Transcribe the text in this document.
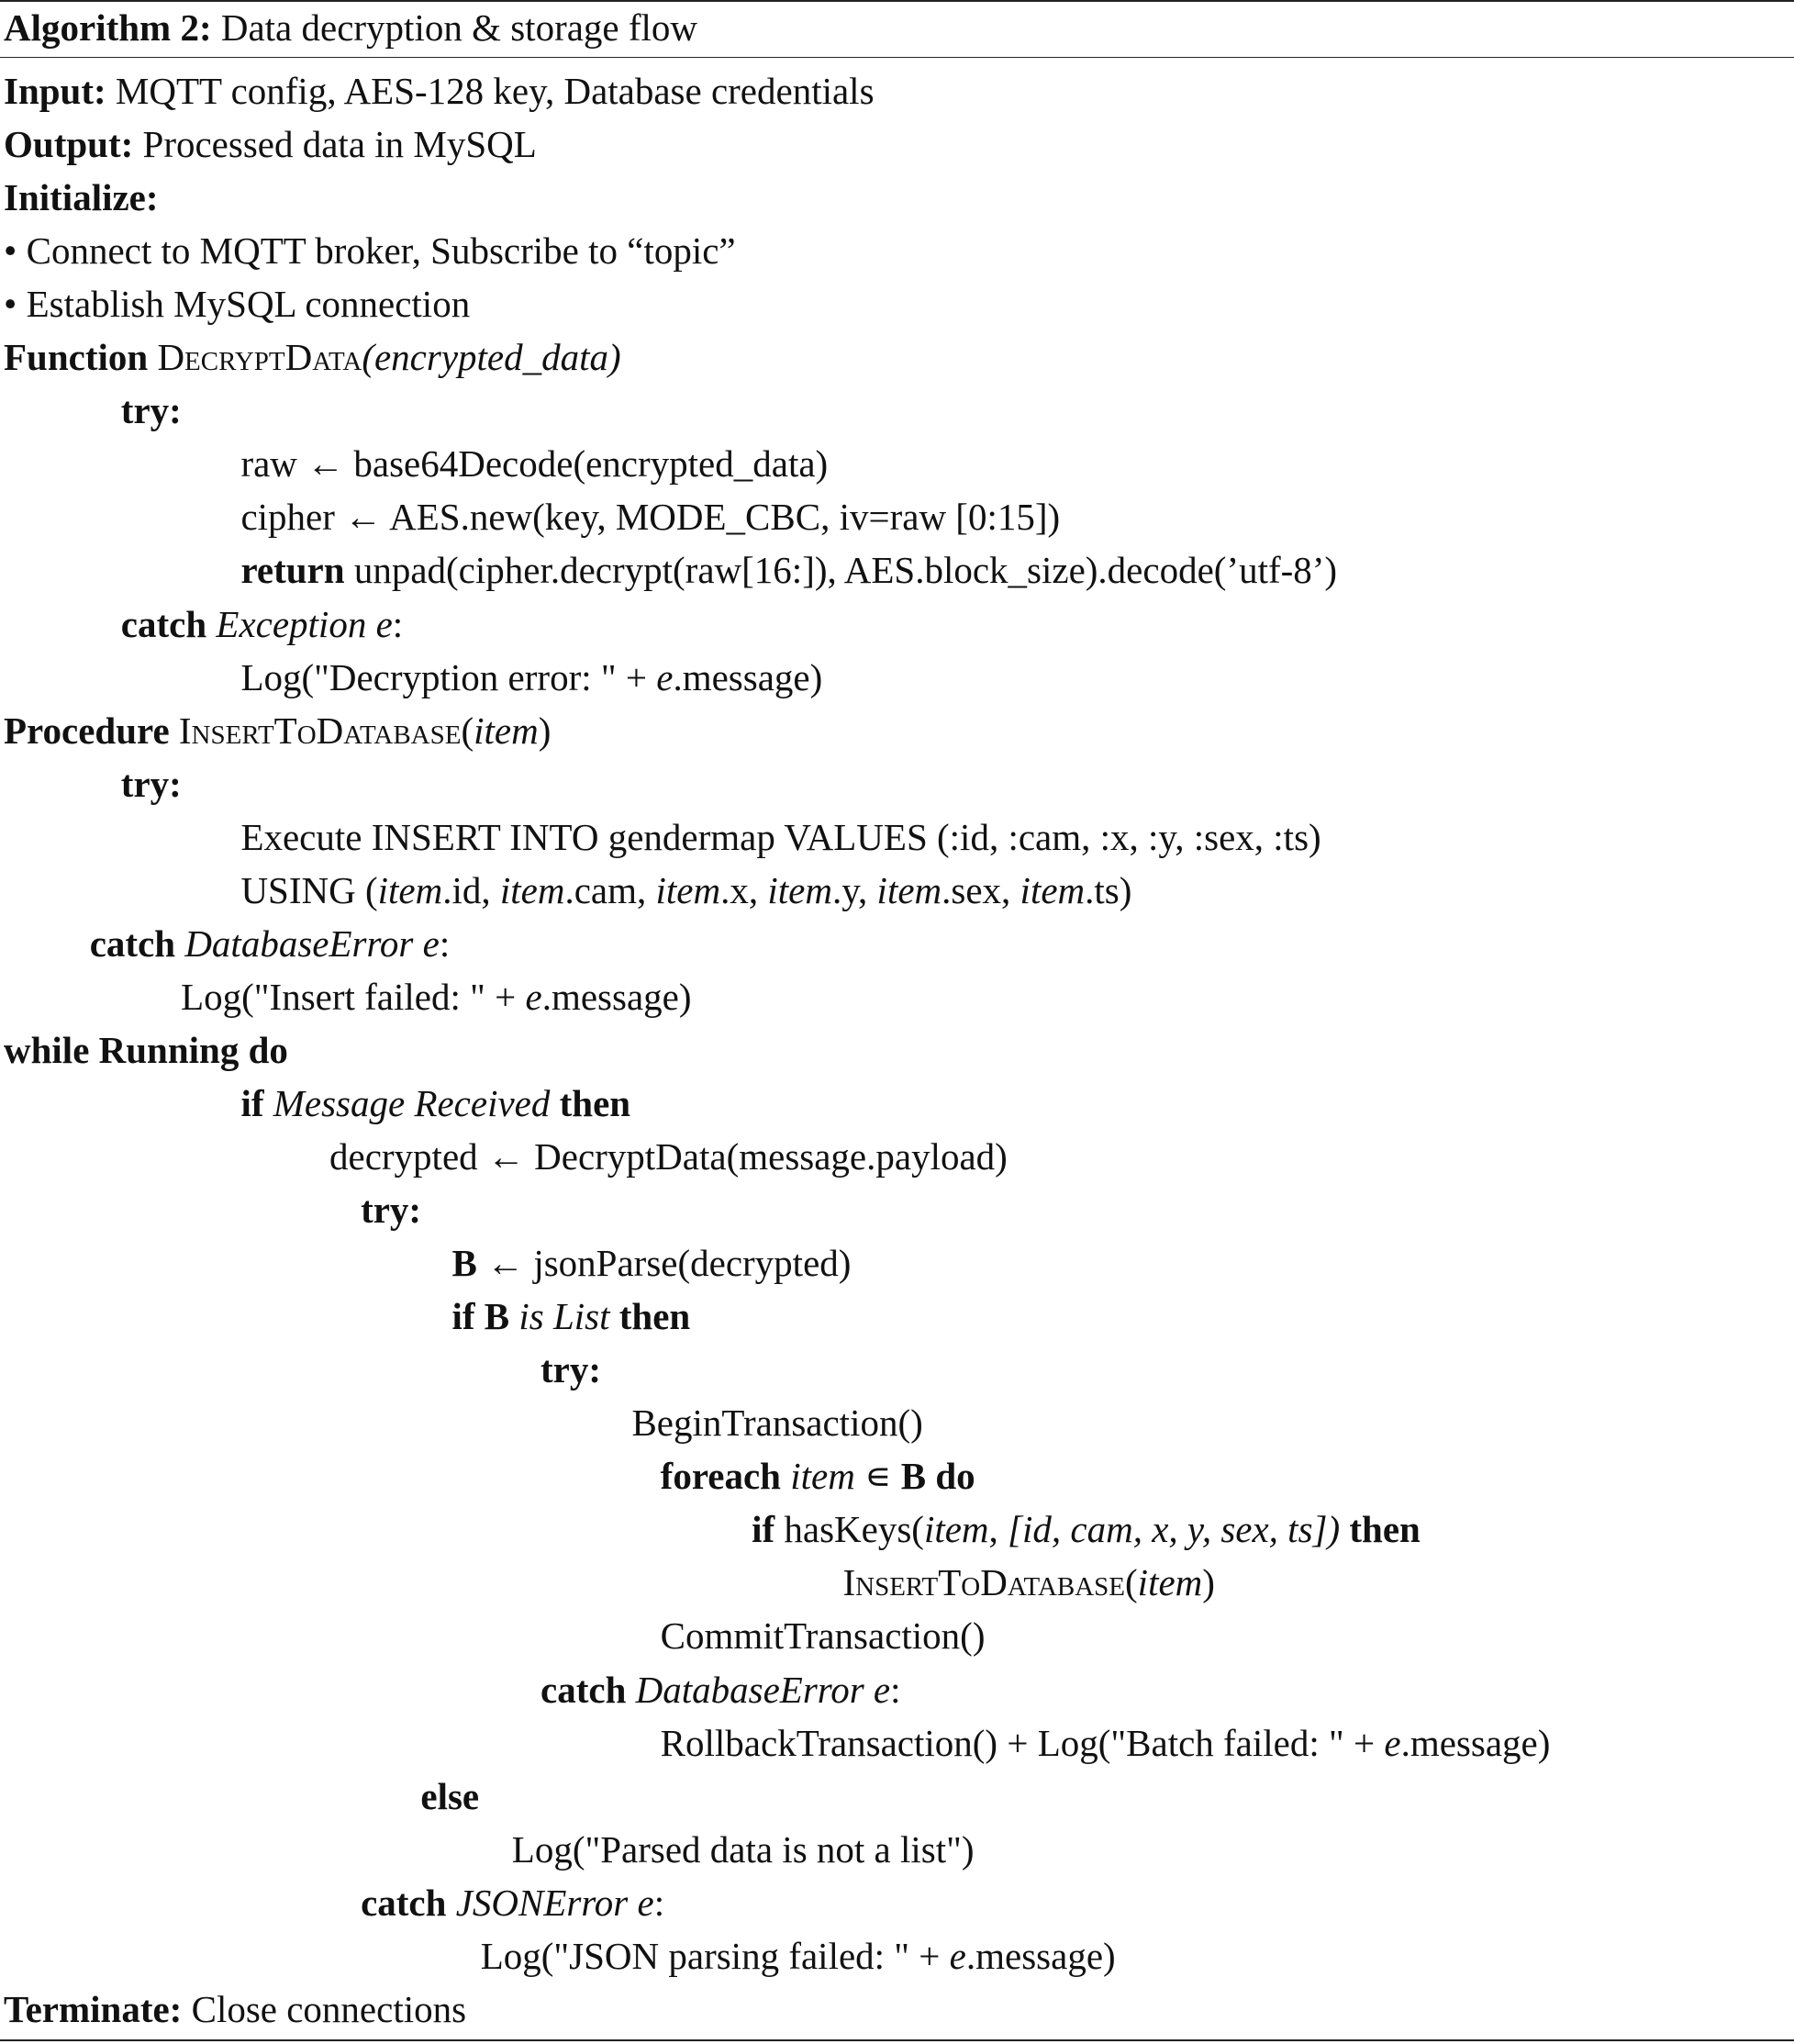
Algorithm 2: Data decryption & storage flow
Input: MQTT config, AES-128 key, Database credentials
Output: Processed data in MySQL
Initialize:
• Connect to MQTT broker, Subscribe to “topic”
• Establish MySQL connection
Function DecryptData(encrypted_data)
try:
raw ← base64Decode(encrypted_data)
cipher ← AES.new(key, MODE_CBC, iv=raw [0:15])
return unpad(cipher.decrypt(raw[16:]), AES.block_size).decode(’utf-8’)
catch Exception e:
Log("Decryption error: " + e.message)
Procedure InsertToDatabase(item)
try:
Execute INSERT INTO gendermap VALUES (:id, :cam, :x, :y, :sex, :ts)
USING (item.id, item.cam, item.x, item.y, item.sex, item.ts)
catch DatabaseError e:
Log("Insert failed: " + e.message)
while Running do
if Message Received then
decrypted ← DecryptData(message.payload)
try:
B ← jsonParse(decrypted)
if B is List then
try:
BeginTransaction()
foreach item ∊ B do
if hasKeys(item, [id, cam, x, y, sex, ts]) then
InsertToDatabase(item)
CommitTransaction()
catch DatabaseError e:
RollbackTransaction() + Log("Batch failed: " + e.message)
else
Log("Parsed data is not a list")
catch JSONError e:
Log("JSON parsing failed: " + e.message)
Terminate: Close connections
